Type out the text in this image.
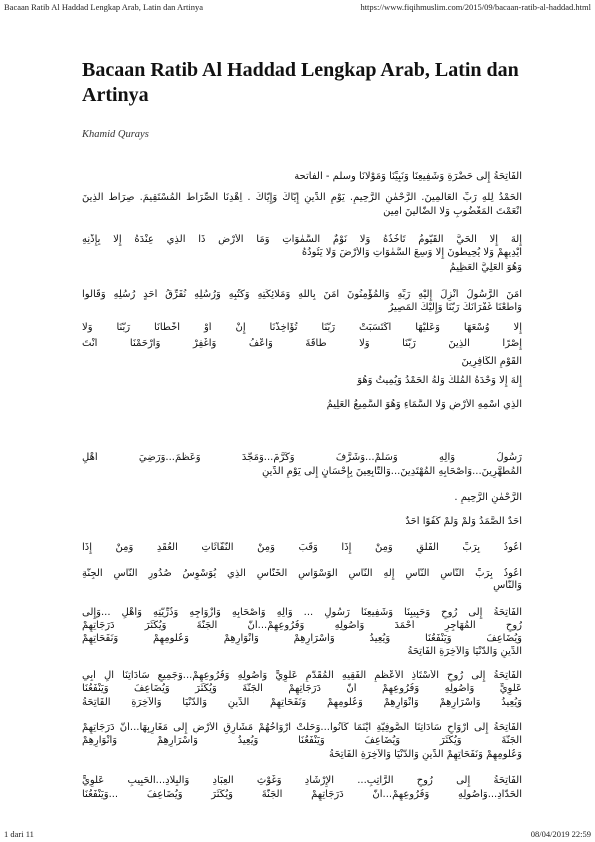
Bacaan Ratib Al Haddad Lengkap Arab, Latin dan Artinya	https://www.fiqihmuslim.com/2015/09/bacaan-ratib-al-haddad.html
Bacaan Ratib Al Haddad Lengkap Arab, Latin dan Artinya
Khamid Qurays
الفَاتِحَةُ إِلَى حَضْرَةِ وَشَفِيعِنَا وَنَبِيِّنَا وَمَوْلَانَا وسلم - الفاتحة
اَلْحَمْدُ لِلَّهِ رَبِّ الْعَالَمِينَ. الرَّحْمٰنِ الرَّحِيمِ. يَوْمِ الدِّينِ إِيَّاكَ وَإِيَّاكَ . اِهْدِنَا الصِّرَاطَ الْمُسْتَقِيمَ. صِرَاطَ الَّذِينَ
أَنْعَمْتَ الْمَغْضُوبِ وَلَا الضَّالِّينَ آمِين
إِلٰهَ إِلَّا الْحَيُّ الْقَيُّومُ تَأْخُذُهُ وَلَا نَوْمٌ السَّمٰوَاتِ وَمَا الْأَرْضِ ذَا الَّذِي عِنْدَهُ إِلَّا بِإِذْنِهِ
أَيْدِيهِمْ وَلَا يُحِيطُونَ إِلَّا وَسِعَ السَّمٰوَاتِ وَالْأَرْضَ وَلَا يَئُودُهُ
وَهُوَ الْعَلِيُّ الْعَظِيمُ
آمَنَ الرَّسُولُ أُنْزِلَ إِلَيْهِ رَبِّهِ وَالْمُؤْمِنُونَ آمَنَ بِاللهِ وَمَلَائِكَتِهِ وَكُتُبِهِ وَرُسُلِهِ نُفَرِّقُ أَحَدٍ رُسُلِهِ وَقَالُوا
وَأَطَعْنَا غُفْرَانَكَ رَبَّنَا وَإِلَيْكَ الْمَصِيرُ
إِلَّا وُسْعَهَا وَعَلَيْهَا اكْتَسَبَتْ رَبَّنَا تُؤَاخِذْنَا إِنْ أَوْ أَخْطَأْنَا رَبَّنَا وَلَا
إِصْرًا الَّذِينَ رَبَّنَا وَلَا طَاقَةَ وَاعْفُ وَاغْفِرْ وَارْحَمْنَا أَنْتَ
الْقَوْمِ الْكَافِرِينَ
إِلٰهَ إِلَّا وَحْدَهُ الْمُلْكُ وَلَهُ الْحَمْدُ وَيُمِيتُ وَهُوَ
الَّذِي اسْمِهِ الْأَرْضِ وَلَا السَّمَاءِ وَهُوَ السَّمِيعُ الْعَلِيمُ
رَسُولُ وَآلِهِ وَسَلِّمْ...وَشَرَّفَ وَكَرَّمَ...وَمَجَّدَ وَعَظَّمَ...وَرَضِيَ أَهْلِ
الْمُطَهَّرِينَ...وَأَصْحَابِهِ الْمُهْتَدِينَ...وَالتَّابِعِينَ بِإِحْسَانٍ إِلَى يَوْمِ الدِّينِ
الرَّحْمٰنِ الرَّحِيمِ .
أَحَدٌ الصَّمَدُ وَلَمْ وَلَمْ كُفُوًا أَحَدٌ
أَعُوذُ بِرَبِّ الْفَلَقِ وَمِنْ إِذَا وَقَبَ وَمِنْ النَّفَّاثَاتِ الْعُقَدِ وَمِنْ إِذَا
أَعُوذُ بِرَبِّ النَّاسِ النَّاسِ إِلٰهِ النَّاسِ الْوَسْوَاسِ الْخَنَّاسِ الَّذِي يُوَسْوِسُ صُدُورِ النَّاسِ الْجِنَّةِ
وَالنَّاسِ
الفَاتِحَةُ إِلَى رُوحِ وَحَبِيبِنَا وَشَفِيعِنَا رَسُولِ ... وَآلِهِ وَأَصْحَابِهِ وَأَزْوَاجِهِ وَذُرِّيَّتِهِ وَأَهْلِ ...وَإِلَى
رُوحِ الْمُهَاجِرِ أَحْمَدَ وَأُصُولِهِ وَفُرُوعِهِمْ...أَنَّ الْجَنَّةَ وَيُكَثِّرَ دَرَجَاتِهِمْ
وَيُضَاعِفَ وَيَنْفَعُنَا وَيُعِيدُ وَأَسْرَارِهِمْ وَأَنْوَارِهِمْ وَعُلُومِهِمْ وَنَفَحَاتِهِمْ
الدِّينِ وَالدُّنْيَا وَالْآخِرَةِ الْفَاتِحَةُ
الفَاتِحَةُ إِلَى رُوحِ الْأُسْتَاذِ الْأَعْظَمِ الْفَقِيهِ الْمُقَدَّمِ عَلَوِيٍّ وَأُصُولِهِ وَفُرُوعِهِمْ...وَجَمِيعِ سَادَاتِنَا آلِ أَبِي
عَلَوِيٍّ وَأُصُولِهِ وَفُرُوعِهِمْ أَنَّ دَرَجَاتِهِمْ الْجَنَّةَ وَيُكَثِّرَ وَيُضَاعِفَ وَيَنْفَعُنَا
وَيُعِيدُ وَأَسْرَارِهِمْ وَأَنْوَارِهِمْ وَعُلُومِهِمْ وَنَفَحَاتِهِمْ الدِّينِ وَالدُّنْيَا وَالْآخِرَةِ الْفَاتِحَةُ
الفَاتِحَةُ إِلَى أَرْوَاحِ سَادَاتِنَا الصُّوفِيَّةِ أَيْنَمَا كَانُوا...وَحَلَّتْ أَرْوَاحُهُمْ مَشَارِقِ الْأَرْضِ إِلَى مَغَارِبِهَا...أَنَّ دَرَجَاتِهِمْ
الْجَنَّةَ وَيُكَثِّرَ وَيُضَاعِفَ وَيَنْفَعُنَا وَيُعِيدُ وَأَسْرَارِهِمْ وَأَنْوَارِهِمْ
وَعُلُومِهِمْ وَنَفَحَاتِهِمْ الدِّينِ وَالدُّنْيَا وَالْآخِرَةِ الْفَاتِحَةُ
الفَاتِحَةُ إِلَى رُوحِ الرَّاتِبِ... الْإِرْشَادِ وَغَوْثِ الْعِبَادِ وَالْبِلَادِ...الْحَبِيبِ عَلَوِيٍّ
الْحَدَّادِ...وَأُصُولِهِ وَفُرُوعِهِمْ...أَنَّ دَرَجَاتِهِمْ الْجَنَّةَ وَيُكَثِّرَ وَيُضَاعِفَ ...وَيَنْفَعُنَا
1 dari 11	08/04/2019 22:59
